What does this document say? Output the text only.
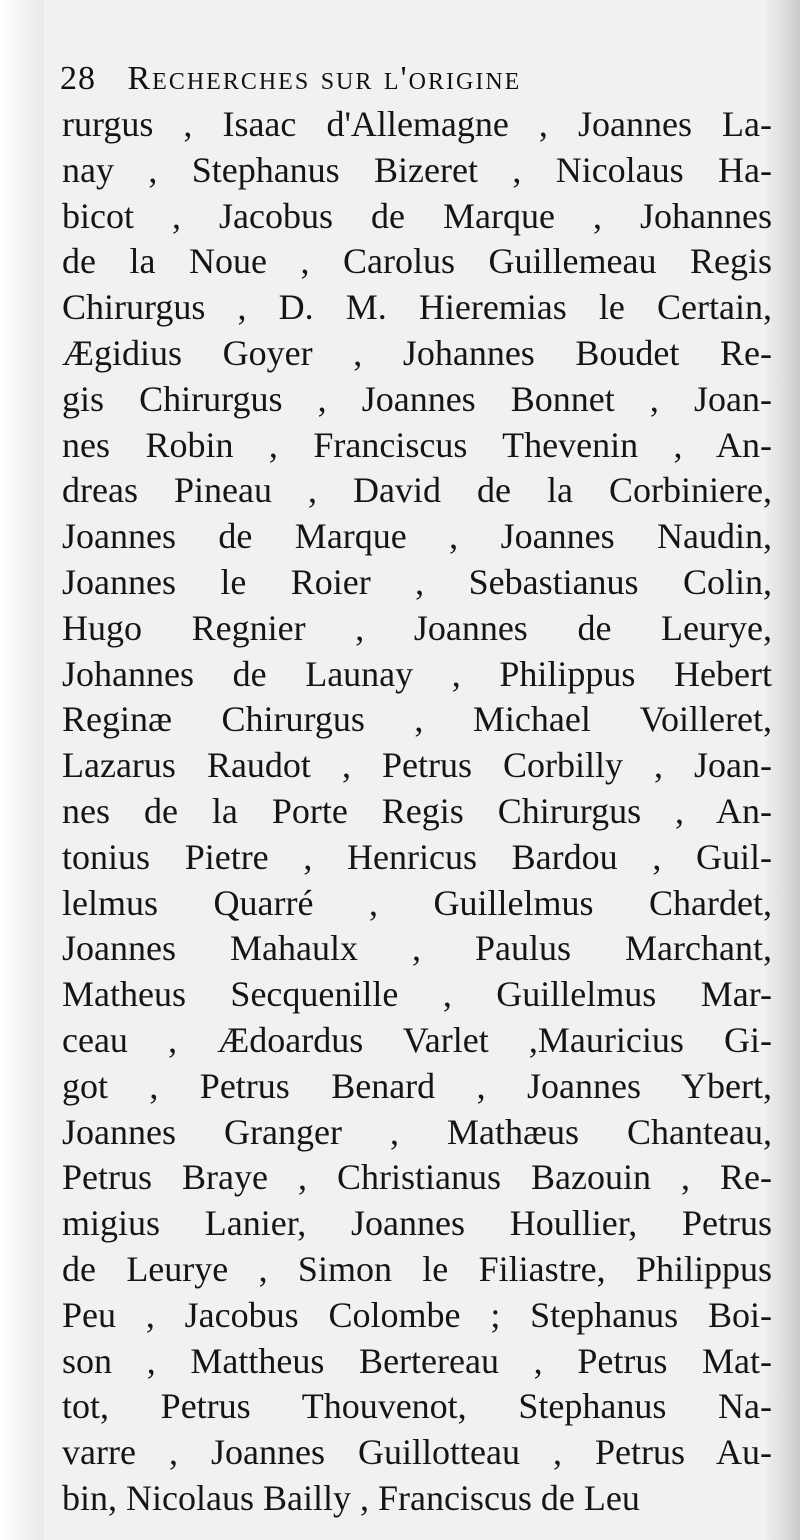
28 Recherches sur l'origine
rurgus , Isaac d'Allemagne , Joannes La-
nay , Stephanus Bizeret , Nicolaus Ha-
bicot , Jacobus de Marque , Johannes
de la Noue , Carolus Guillemeau Regis
Chirurgus , D. M. Hieremias le Certain,
Ægidius Goyer , Johannes Boudet Re-
gis Chirurgus , Joannes Bonnet , Joan-
nes Robin , Franciscus Thevenin , An-
dreas Pineau , David de la Corbiniere,
Joannes de Marque , Joannes Naudin,
Joannes le Roier , Sebastianus Colin,
Hugo Regnier , Joannes de Leurye,
Johannes de Launay , Philippus Hebert
Reginæ Chirurgus , Michael Voilleret,
Lazarus Raudot , Petrus Corbilly , Joan-
nes de la Porte Regis Chirurgus , An-
tonius Pietre , Henricus Bardou , Guil-
lelmus Quarré , Guillelmus Chardet,
Joannes Mahaulx , Paulus Marchant,
Matheus Secquenille , Guillelmus Mar-
ceau , Ædoardus Varlet ,Mauricius Gi-
got , Petrus Benard , Joannes Ybert,
Joannes Granger , Mathæus Chanteau,
Petrus Braye , Christianus Bazouin , Re-
migius Lanier, Joannes Houllier, Petrus
de Leurye , Simon le Filiastre, Philippus
Peu , Jacobus Colombe ; Stephanus Boi-
son , Mattheus Bertereau , Petrus Mat-
tot, Petrus Thouvenot, Stephanus Na-
varre , Joannes Guillotteau , Petrus Au-
bin, Nicolaus Bailly , Franciscus de Leu
